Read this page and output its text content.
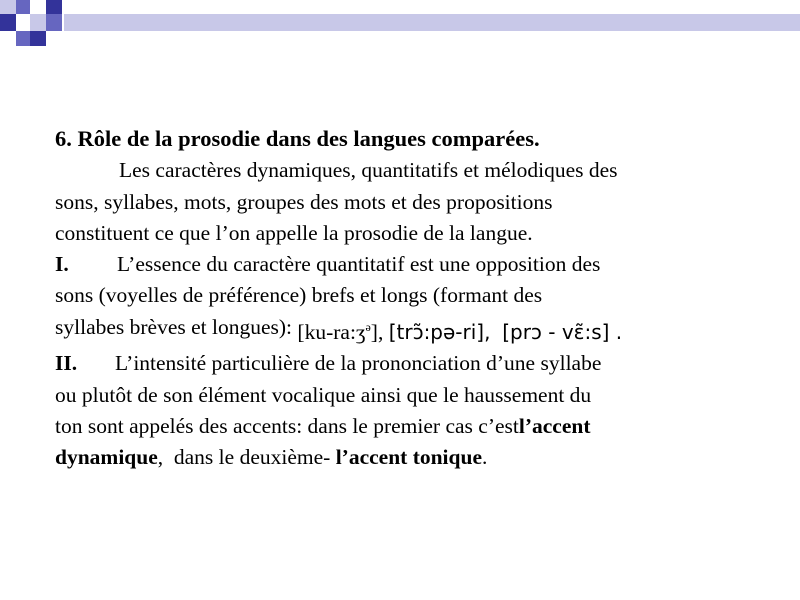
6. Rôle de la prosodie dans des langues comparées.
Les caractères dynamiques, quantitatifs et mélodiques des
sons, syllabes, mots, groupes des mots et des propositions
constituent ce que l’on appelle la prosodie de la langue.
I.	L’essence du caractère quantitatif est une opposition des
sons (voyelles de préférence) brefs et longs (formant des
syllabes brèves et longues): [ku-ra:ʒ$^ə$], [trɔ̃:pə-ri],  [prɔ - vɛ̃:s] .
II.	L’intensité particulière de la prononciation d’une syllabe
ou plutôt de son élément vocalique ainsi que le haussement du
ton sont appelés des accents: dans le premier cas c’est l’accent
dynamique ,  dans le deuxième- l’accent tonique .
